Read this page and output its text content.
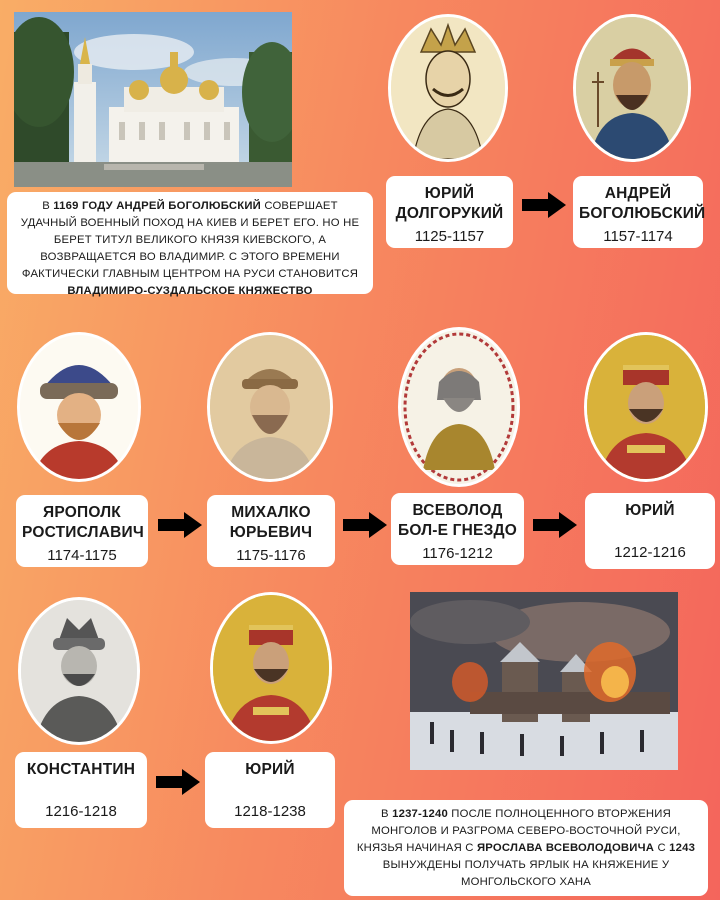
В 1169 ГОДУ АНДРЕЙ БОГОЛЮБСКИЙ СОВЕРШАЕТ УДАЧНЫЙ ВОЕННЫЙ ПОХОД НА КИЕВ И БЕРЕТ ЕГО. НО НЕ БЕРЕТ ТИТУЛ ВЕЛИКОГО КНЯЗЯ КИЕВСКОГО, А ВОЗВРАЩАЕТСЯ ВО ВЛАДИМИР. С ЭТОГО ВРЕМЕНИ ФАКТИЧЕСКИ ГЛАВНЫМ ЦЕНТРОМ НА РУСИ СТАНОВИТСЯ ВЛАДИМИРО-СУЗДАЛЬСКОЕ КНЯЖЕСТВО
ЮРИЙ
ДОЛГОРУКИЙ
1125-1157
АНДРЕЙ
БОГОЛЮБСКИЙ
1157-1174
ЯРОПОЛК
РОСТИСЛАВИЧ
1174-1175
МИХАЛКО
ЮРЬЕВИЧ
1175-1176
ВСЕВОЛОД
БОЛ-Е ГНЕЗДО
1176-1212
ЮРИЙ
1212-1216
КОНСТАНТИН
1216-1218
ЮРИЙ
1218-1238	В 1237-1240 ПОСЛЕ ПОЛНОЦЕННОГО ВТОРЖЕНИЯ МОНГОЛОВ И РАЗГРОМА СЕВЕРО-ВОСТОЧНОЙ РУСИ, КНЯЗЬЯ НАЧИНАЯ С ЯРОСЛАВА ВСЕВОЛОДОВИЧА С 1243 ВЫНУЖДЕНЫ ПОЛУЧАТЬ ЯРЛЫК НА КНЯЖЕНИЕ У МОНГОЛЬСКОГО ХАНА
